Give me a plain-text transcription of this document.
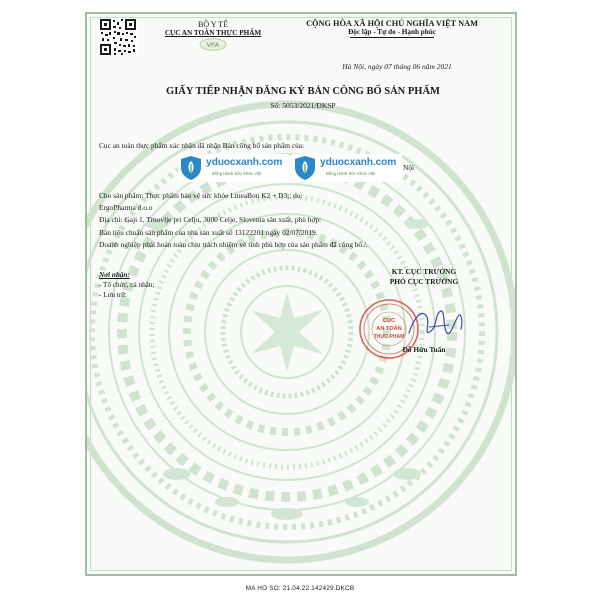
BỘ Y TẾ
CỤC AN TOÀN THỰC PHẨM
VFA
CỘNG HÒA XÃ HỘI CHỦ NGHĨA VIỆT NAM
Độc lập - Tự do - Hạnh phúc
Hà Nội, ngày 07 tháng 06 năm 2021
GIẤY TIẾP NHẬN ĐĂNG KÝ BẢN CÔNG BỐ SẢN PHẨM
Số: 5053/2021/ĐKSP
Cục an toàn thực phẩm xác nhận đã nhận Bản công bố sản phẩm của:
yduocxanh.com
Đồng Hành Sức Khỏe Việt
yduocxanh.com
Đồng Hành Sức Khỏe Việt
Nội
Cho sản phẩm: Thực phẩm bảo vệ sức khỏe LineaBon K2 + D3;; do:
ErgoPharma d.o.o
Địa chỉ: Gaji 1, Trnovlje pri Celju, 3000 Celje, Slovenia sản xuất, phù hợp:
Bản tiêu chuẩn sản phẩm của nhà sản xuất số 13122201 ngày 02/07/2019.
Doanh nghiệp phải hoàn toàn chịu trách nhiệm về tính phù hợp của sản phẩm đã công bố./.
Nơi nhận:
- Tổ chức, cá nhân;
- Lưu trữ.
KT. CỤC TRƯỞNG
PHÓ CỤC TRƯỞNG
CỤC
AN TOÀN
THỰC PHẨM
Đỗ Hữu Tuấn
MA HO SO: 21.04.22.142429.DKCB
